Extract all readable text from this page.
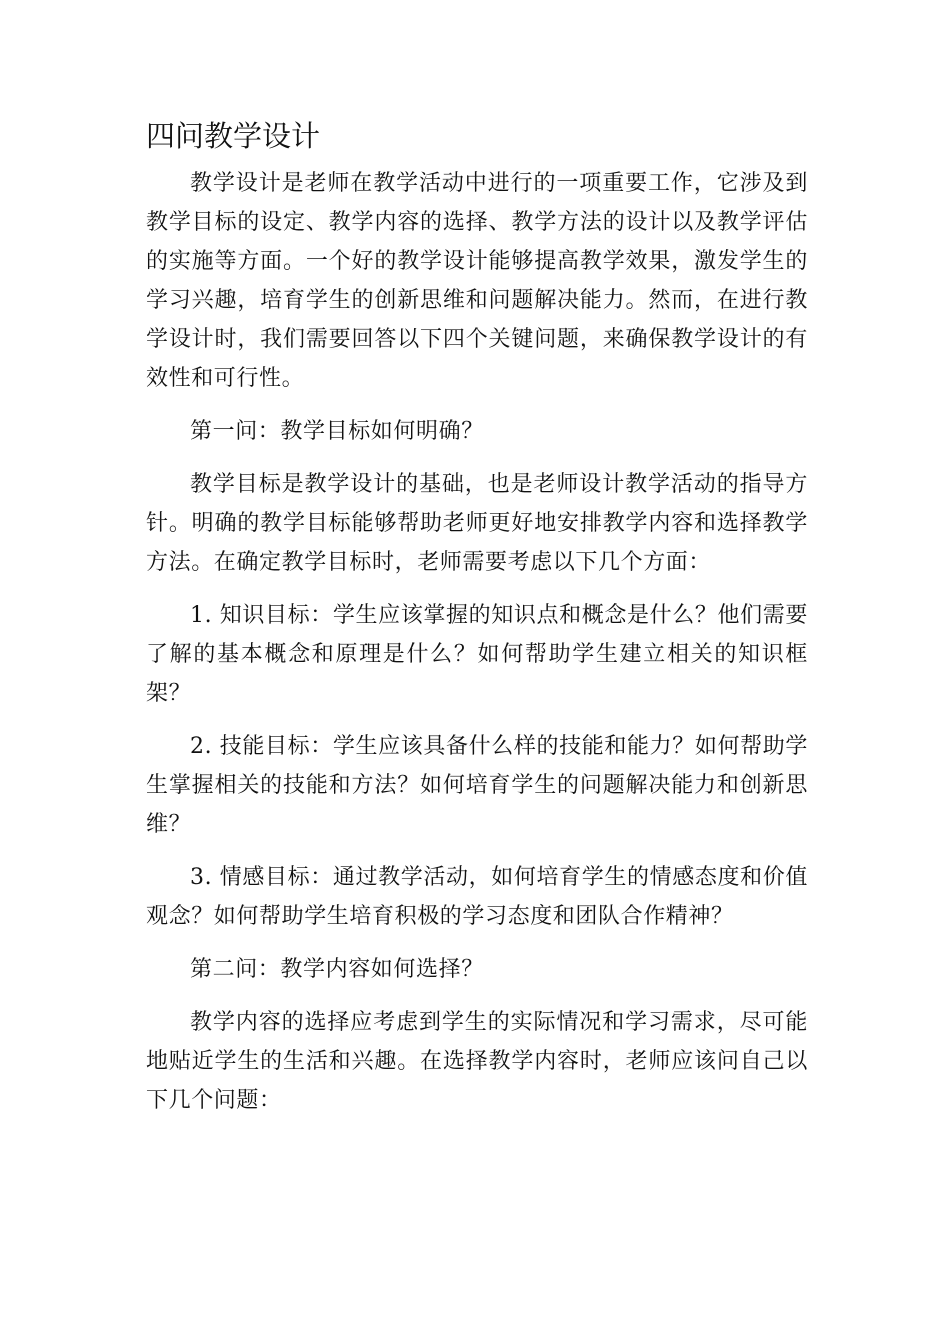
四问教学设计

教学设计是老师在教学活动中进行的一项重要工作，它涉及到教学目标的设定、教学内容的选择、教学方法的设计以及教学评估的实施等方面。一个好的教学设计能够提高教学效果，激发学生的学习兴趣，培育学生的创新思维和问题解决能力。然而，在进行教学设计时，我们需要回答以下四个关键问题，来确保教学设计的有效性和可行性。

第一问：教学目标如何明确？

教学目标是教学设计的基础，也是老师设计教学活动的指导方针。明确的教学目标能够帮助老师更好地安排教学内容和选择教学方法。在确定教学目标时，老师需要考虑以下几个方面：

1. 知识目标：学生应该掌握的知识点和概念是什么？他们需要了解的基本概念和原理是什么？如何帮助学生建立相关的知识框架？

2. 技能目标：学生应该具备什么样的技能和能力？如何帮助学生掌握相关的技能和方法？如何培育学生的问题解决能力和创新思维？

3. 情感目标：通过教学活动，如何培育学生的情感态度和价值观念？如何帮助学生培育积极的学习态度和团队合作精神？

第二问：教学内容如何选择？

教学内容的选择应考虑到学生的实际情况和学习需求，尽可能地贴近学生的生活和兴趣。在选择教学内容时，老师应该问自己以下几个问题：
